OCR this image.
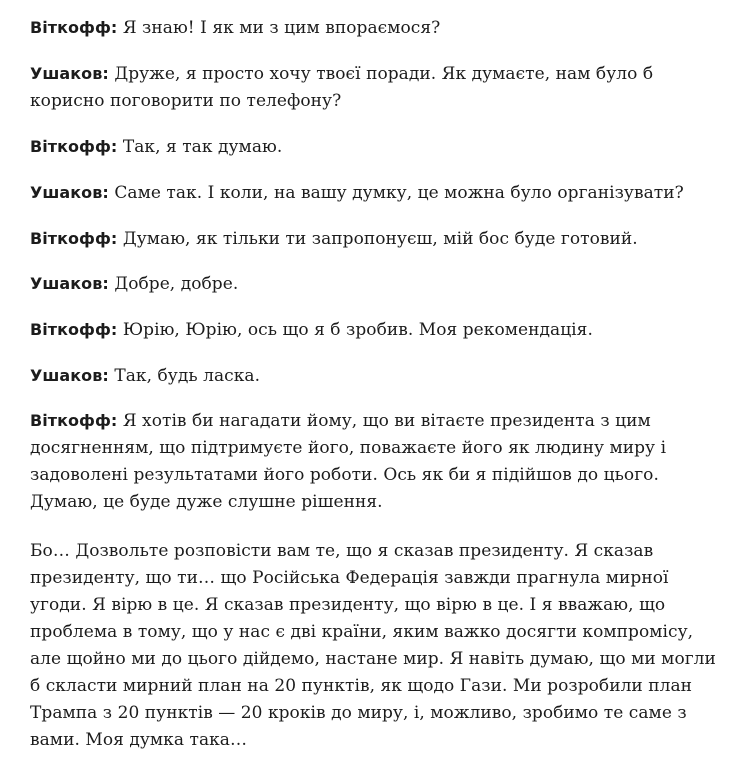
Віткофф: Я знаю! І як ми з цим впораємося?

Ушаков: Друже, я просто хочу твоєї поради. Як думаєте, нам було б корисно поговорити по телефону?

Віткофф: Так, я так думаю.

Ушаков: Саме так. І коли, на вашу думку, це можна було організувати?

Віткофф: Думаю, як тільки ти запропонуєш, мій бос буде готовий.

Ушаков: Добре, добре.

Віткофф: Юрію, Юрію, ось що я б зробив. Моя рекомендація.

Ушаков: Так, будь ласка.

Віткофф: Я хотів би нагадати йому, що ви вітаєте президента з цим досягненням, що підтримуєте його, поважаєте його як людину миру і задоволені результатами його роботи. Ось як би я підійшов до цього. Думаю, це буде дуже слушне рішення.

Бо… Дозвольте розповісти вам те, що я сказав президенту. Я сказав президенту, що ти… що Російська Федерація завжди прагнула мирної угоди. Я вірю в це. Я сказав президенту, що вірю в це. І я вважаю, що проблема в тому, що у нас є дві країни, яким важко досягти компромісу, але щойно ми до цього дійдемо, настане мир. Я навіть думаю, що ми могли б скласти мирний план на 20 пунктів, як щодо Гази. Ми розробили план Трампа з 20 пунктів — 20 кроків до миру, і, можливо, зробимо те саме з вами. Моя думка така…
